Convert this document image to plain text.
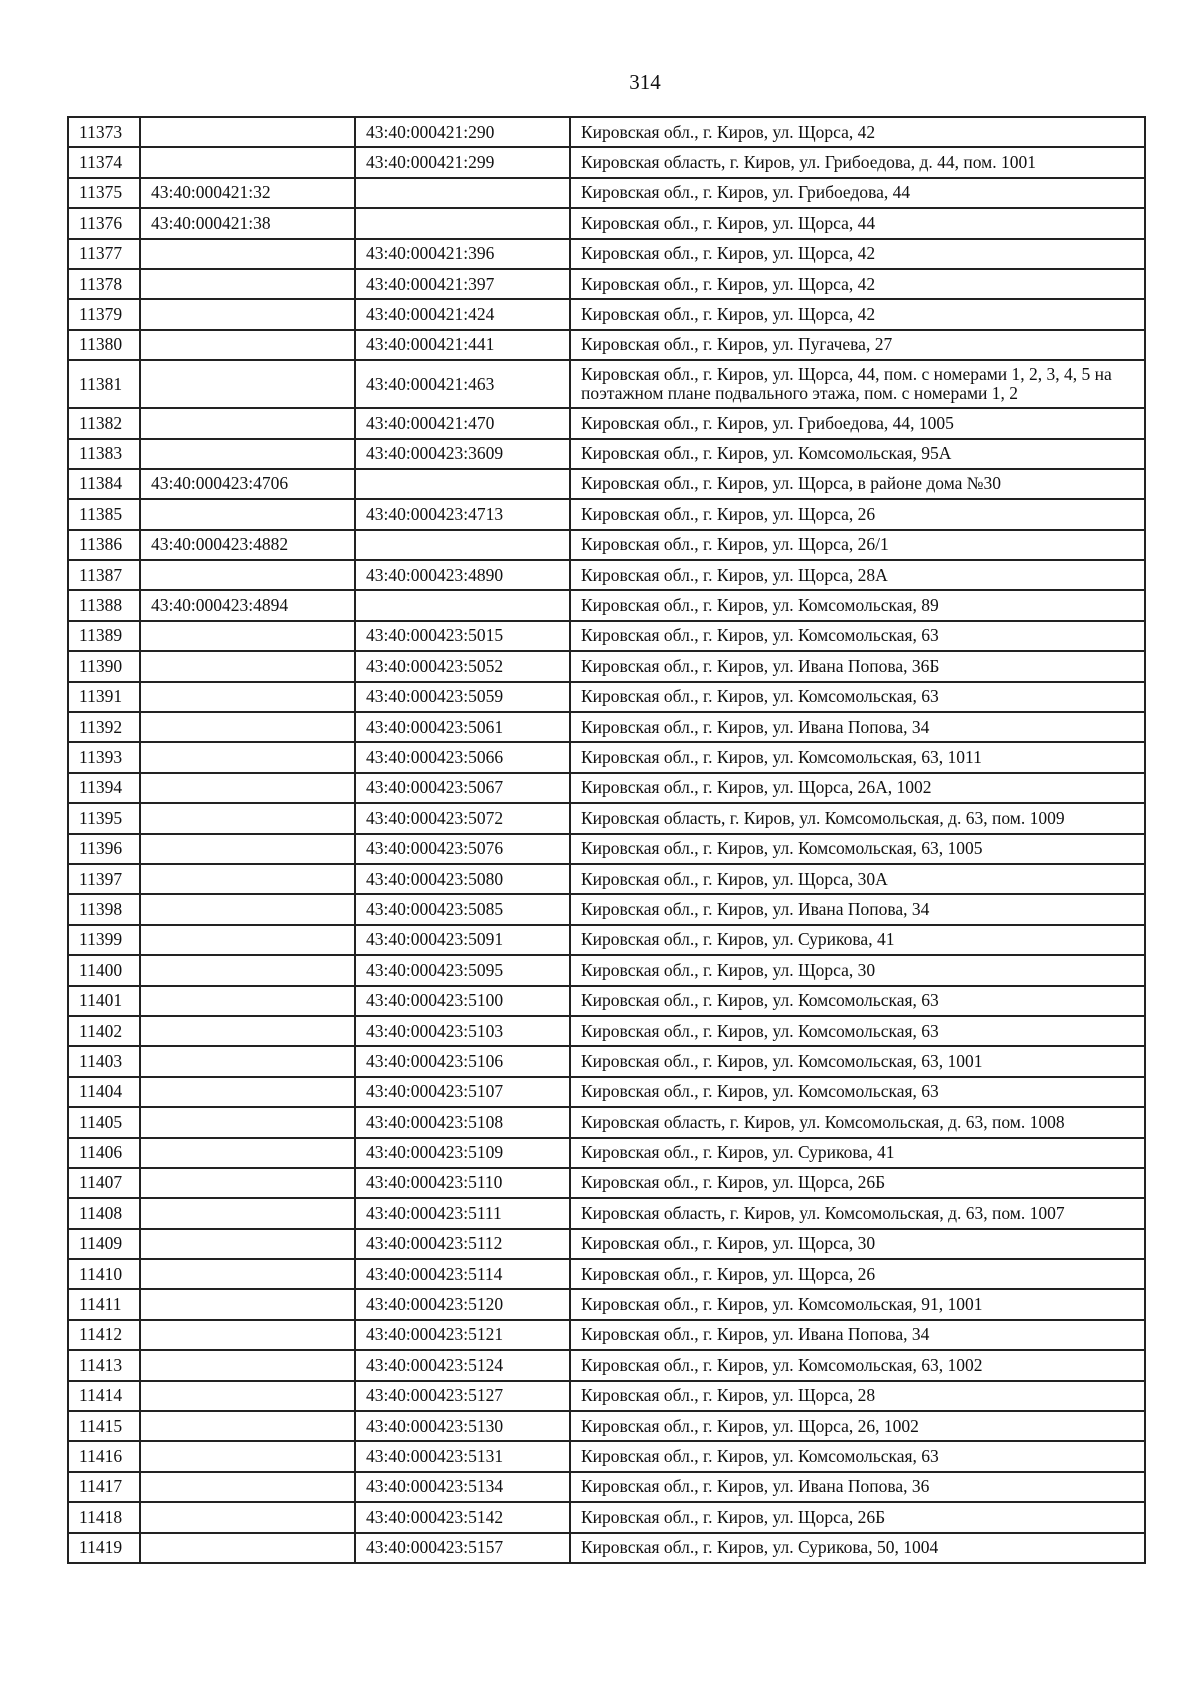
314
11373		43:40:000421:290	Кировская обл., г. Киров, ул. Щорса, 42
11374		43:40:000421:299	Кировская область, г. Киров, ул. Грибоедова, д. 44, пом. 1001
11375	43:40:000421:32		Кировская обл., г. Киров, ул. Грибоедова, 44
11376	43:40:000421:38		Кировская обл., г. Киров, ул. Щорса, 44
11377		43:40:000421:396	Кировская обл., г. Киров, ул. Щорса, 42
11378		43:40:000421:397	Кировская обл., г. Киров, ул. Щорса, 42
11379		43:40:000421:424	Кировская обл., г. Киров, ул. Щорса, 42
11380		43:40:000421:441	Кировская обл., г. Киров, ул. Пугачева, 27
11381		43:40:000421:463	Кировская обл., г. Киров, ул. Щорса, 44, пом. с номерами 1, 2, 3, 4, 5 на поэтажном плане подвального этажа, пом. с номерами 1, 2
11382		43:40:000421:470	Кировская обл., г. Киров, ул. Грибоедова, 44, 1005
11383		43:40:000423:3609	Кировская обл., г. Киров, ул. Комсомольская, 95А
11384	43:40:000423:4706		Кировская обл., г. Киров, ул. Щорса, в районе дома №30
11385		43:40:000423:4713	Кировская обл., г. Киров, ул. Щорса, 26
11386	43:40:000423:4882		Кировская обл., г. Киров, ул. Щорса, 26/1
11387		43:40:000423:4890	Кировская обл., г. Киров, ул. Щорса, 28А
11388	43:40:000423:4894		Кировская обл., г. Киров, ул. Комсомольская, 89
11389		43:40:000423:5015	Кировская обл., г. Киров, ул. Комсомольская, 63
11390		43:40:000423:5052	Кировская обл., г. Киров, ул. Ивана Попова, 36Б
11391		43:40:000423:5059	Кировская обл., г. Киров, ул. Комсомольская, 63
11392		43:40:000423:5061	Кировская обл., г. Киров, ул. Ивана Попова, 34
11393		43:40:000423:5066	Кировская обл., г. Киров, ул. Комсомольская, 63, 1011
11394		43:40:000423:5067	Кировская обл., г. Киров, ул. Щорса, 26А, 1002
11395		43:40:000423:5072	Кировская область, г. Киров, ул. Комсомольская, д. 63, пом. 1009
11396		43:40:000423:5076	Кировская обл., г. Киров, ул. Комсомольская, 63, 1005
11397		43:40:000423:5080	Кировская обл., г. Киров, ул. Щорса, 30А
11398		43:40:000423:5085	Кировская обл., г. Киров, ул. Ивана Попова, 34
11399		43:40:000423:5091	Кировская обл., г. Киров, ул. Сурикова, 41
11400		43:40:000423:5095	Кировская обл., г. Киров, ул. Щорса, 30
11401		43:40:000423:5100	Кировская обл., г. Киров, ул. Комсомольская, 63
11402		43:40:000423:5103	Кировская обл., г. Киров, ул. Комсомольская, 63
11403		43:40:000423:5106	Кировская обл., г. Киров, ул. Комсомольская, 63, 1001
11404		43:40:000423:5107	Кировская обл., г. Киров, ул. Комсомольская, 63
11405		43:40:000423:5108	Кировская область, г. Киров, ул. Комсомольская, д. 63, пом. 1008
11406		43:40:000423:5109	Кировская обл., г. Киров, ул. Сурикова, 41
11407		43:40:000423:5110	Кировская обл., г. Киров, ул. Щорса, 26Б
11408		43:40:000423:5111	Кировская область, г. Киров, ул. Комсомольская, д. 63, пом. 1007
11409		43:40:000423:5112	Кировская обл., г. Киров, ул. Щорса, 30
11410		43:40:000423:5114	Кировская обл., г. Киров, ул. Щорса, 26
11411		43:40:000423:5120	Кировская обл., г. Киров, ул. Комсомольская, 91, 1001
11412		43:40:000423:5121	Кировская обл., г. Киров, ул. Ивана Попова, 34
11413		43:40:000423:5124	Кировская обл., г. Киров, ул. Комсомольская, 63, 1002
11414		43:40:000423:5127	Кировская обл., г. Киров, ул. Щорса, 28
11415		43:40:000423:5130	Кировская обл., г. Киров, ул. Щорса, 26, 1002
11416		43:40:000423:5131	Кировская обл., г. Киров, ул. Комсомольская, 63
11417		43:40:000423:5134	Кировская обл., г. Киров, ул. Ивана Попова, 36
11418		43:40:000423:5142	Кировская обл., г. Киров, ул. Щорса, 26Б
11419		43:40:000423:5157	Кировская обл., г. Киров, ул. Сурикова, 50, 1004
